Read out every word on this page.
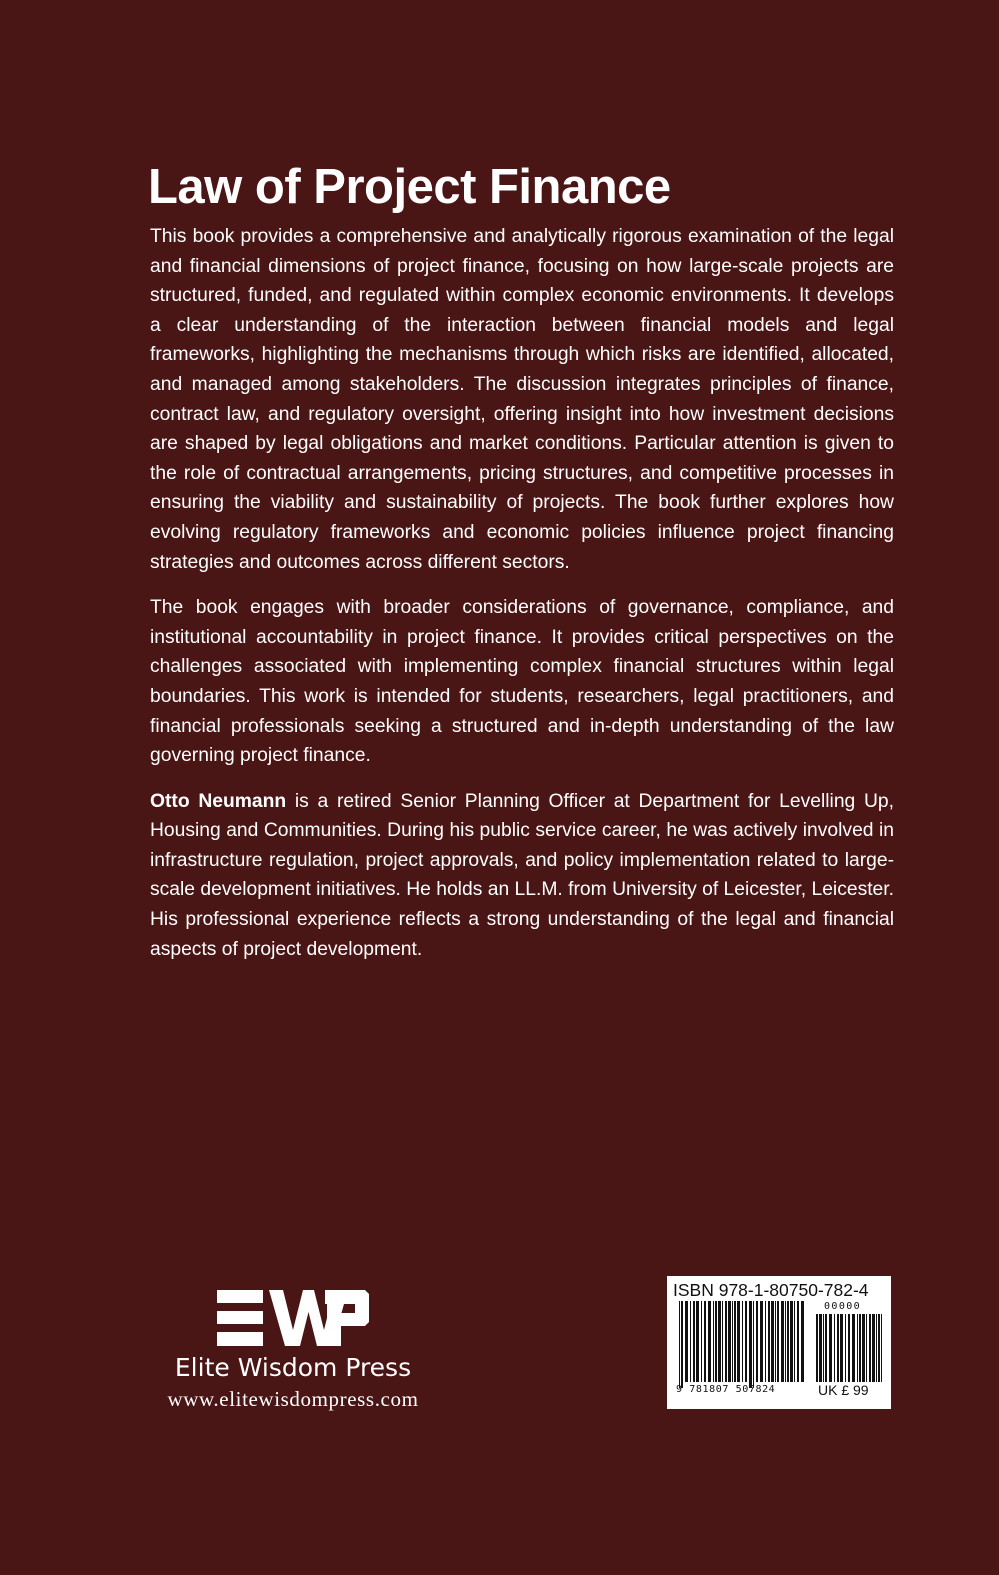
Law of Project Finance

This book provides a comprehensive and analytically rigorous examination of the legal and financial dimensions of project finance, focusing on how large-scale projects are structured, funded, and regulated within complex economic environments. It develops a clear understanding of the interaction between financial models and legal frameworks, highlighting the mechanisms through which risks are identified, allocated, and managed among stakeholders. The discussion integrates principles of finance, contract law, and regulatory oversight, offering insight into how investment decisions are shaped by legal obligations and market conditions. Particular attention is given to the role of contractual arrangements, pricing structures, and competitive processes in ensuring the viability and sustainability of projects. The book further explores how evolving regulatory frameworks and economic policies influence project financing strategies and outcomes across different sectors.

The book engages with broader considerations of governance, compliance, and institutional accountability in project finance. It provides critical perspectives on the challenges associated with implementing complex financial structures within legal boundaries. This work is intended for students, researchers, legal practitioners, and financial professionals seeking a structured and in-depth understanding of the law governing project finance.

Otto Neumann is a retired Senior Planning Officer at Department for Levelling Up, Housing and Communities. During his public service career, he was actively involved in infrastructure regulation, project approvals, and policy implementation related to large-scale development initiatives. He holds an LL.M. from University of Leicester, Leicester. His professional experience reflects a strong understanding of the legal and financial aspects of project development.

Elite Wisdom Press
www.elitewisdompress.com
ISBN 978-1-80750-782-4
00000
9 781807 507824	UK £ 99
